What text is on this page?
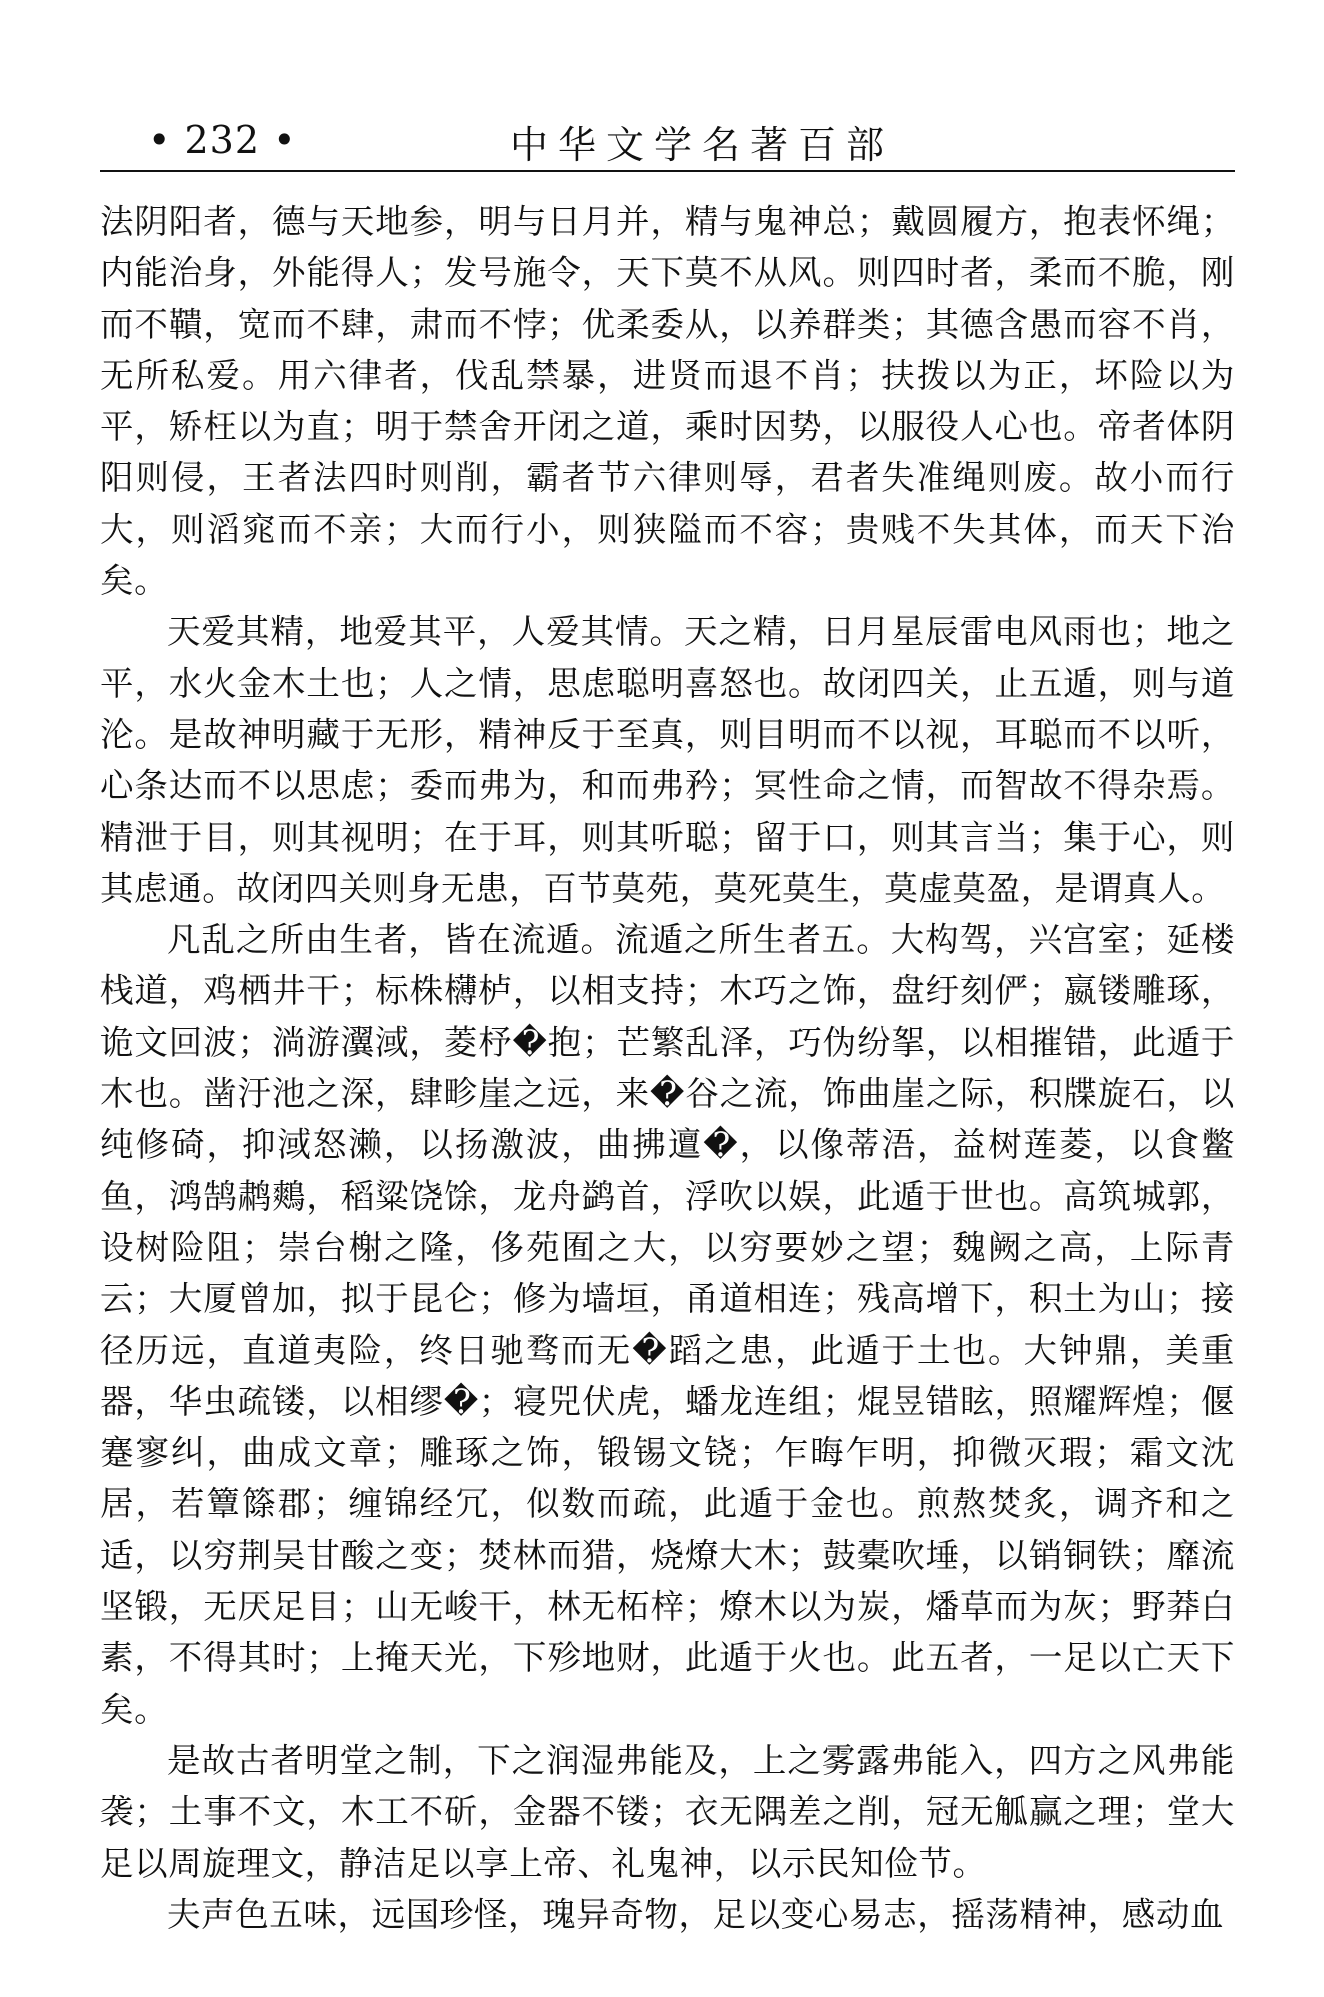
• 232 •	中华文学名著百部

法阴阳者，德与天地参，明与日月并，精与鬼神总；戴圆履方，抱表怀绳；内能治身，外能得人；发号施令，天下莫不从风。则四时者，柔而不脆，刚而不鞼，宽而不肆，肃而不悖；优柔委从，以养群类；其德含愚而容不肖，无所私爱。用六律者，伐乱禁暴，进贤而退不肖；扶拨以为正，坏险以为平，矫枉以为直；明于禁舍开闭之道，乘时因势，以服役人心也。帝者体阴阳则侵，王者法四时则削，霸者节六律则辱，君者失准绳则废。故小而行大，则滔窕而不亲；大而行小，则狭隘而不容；贵贱不失其体，而天下治矣。

天爱其精，地爱其平，人爱其情。天之精，日月星辰雷电风雨也；地之平，水火金木土也；人之情，思虑聪明喜怒也。故闭四关，止五遁，则与道沦。是故神明藏于无形，精神反于至真，则目明而不以视，耳聪而不以听，心条达而不以思虑；委而弗为，和而弗矜；冥性命之情，而智故不得杂焉。精泄于目，则其视明；在于耳，则其听聪；留于口，则其言当；集于心，则其虑通。故闭四关则身无患，百节莫苑，莫死莫生，莫虚莫盈，是谓真人。

凡乱之所由生者，皆在流遁。流遁之所生者五。大构驾，兴宫室；延楼栈道，鸡栖井干；标株欂栌，以相支持；木巧之饰，盘纡刻俨；嬴镂雕琢，诡文回波；淌游瀷淢，菱杼�抱；芒繁乱泽，巧伪纷挐，以相摧错，此遁于木也。凿汙池之深，肆畛崖之远，来�谷之流，饰曲崖之际，积牒旋石，以纯修碕，抑淢怒濑，以扬激波，曲拂邅�，以像蒂浯，益树莲菱，以食鳖鱼，鸿鹄鹔鷞，稻粱饶馀，龙舟鹢首，浮吹以娱，此遁于世也。高筑城郭，设树险阻；崇台榭之隆，侈苑囿之大，以穷要妙之望；魏阙之高，上际青云；大厦曾加，拟于昆仑；修为墙垣，甬道相连；残高增下，积土为山；接径历远，直道夷险，终日驰骛而无�蹈之患，此遁于土也。大钟鼎，美重器，华虫疏镂，以相缪�；寝兕伏虎，蟠龙连组；焜昱错眩，照耀辉煌；偃蹇寥纠，曲成文章；雕琢之饰，锻锡文铙；乍晦乍明，抑微灭瑕；霜文沈居，若簟篨郡；缠锦经冗，似数而疏，此遁于金也。煎熬焚炙，调齐和之适，以穷荆吴甘酸之变；焚林而猎，烧燎大木；鼓橐吹埵，以销铜铁；靡流坚锻，无厌足目；山无峻干，林无柘梓；燎木以为炭，燔草而为灰；野莽白素，不得其时；上掩天光，下殄地财，此遁于火也。此五者，一足以亡天下矣。

是故古者明堂之制，下之润湿弗能及，上之雾露弗能入，四方之风弗能袭；土事不文，木工不斫，金器不镂；衣无隅差之削，冠无觚赢之理；堂大足以周旋理文，静洁足以享上帝、礼鬼神，以示民知俭节。

夫声色五味，远国珍怪，瑰异奇物，足以变心易志，摇荡精神，感动血
